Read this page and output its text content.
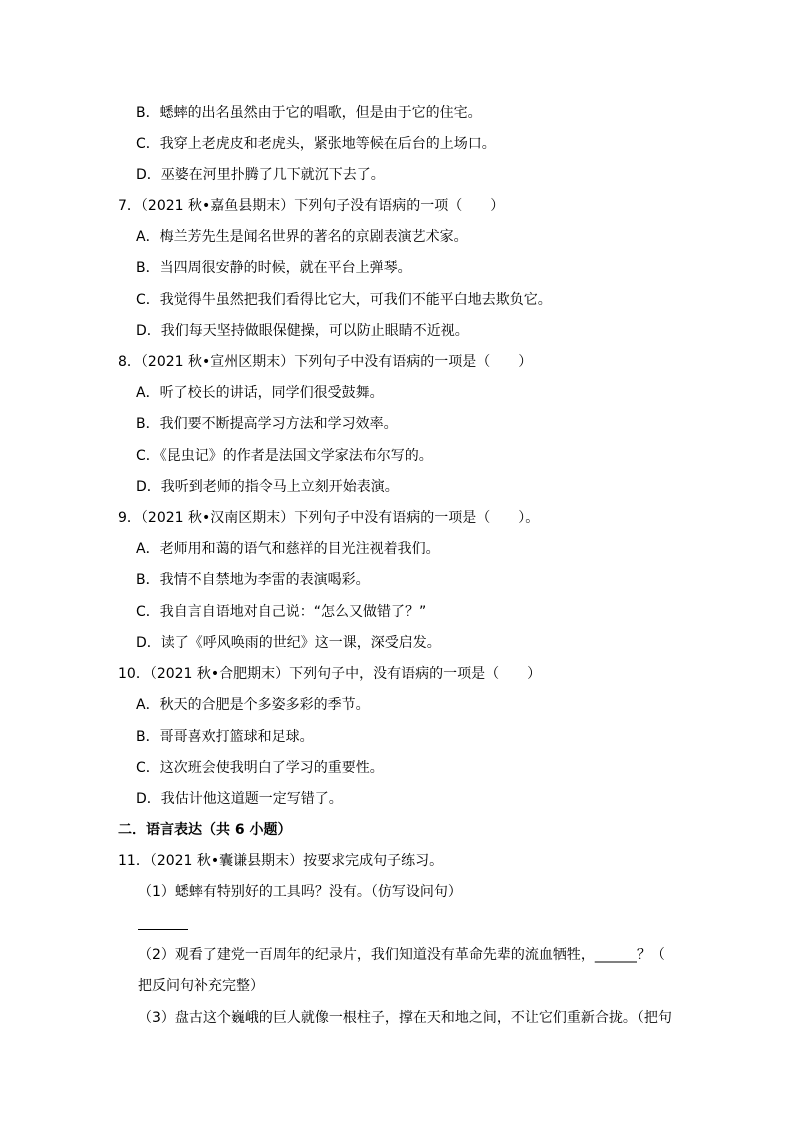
B．蟋蟀的出名虽然由于它的唱歌，但是由于它的住宅。
C．我穿上老虎皮和老虎头，紧张地等候在后台的上场口。
D．巫婆在河里扑腾了几下就沉下去了。
7．（2021 秋•嘉鱼县期末）下列句子没有语病的一项（　　）
A．梅兰芳先生是闻名世界的著名的京剧表演艺术家。
B．当四周很安静的时候，就在平台上弹琴。
C．我觉得牛虽然把我们看得比它大，可我们不能平白地去欺负它。
D．我们每天坚持做眼保健操，可以防止眼睛不近视。
8．（2021 秋•宣州区期末）下列句子中没有语病的一项是（　　）
A．听了校长的讲话，同学们很受鼓舞。
B．我们要不断提高学习方法和学习效率。
C．《昆虫记》的作者是法国文学家法布尔写的。
D．我听到老师的指令马上立刻开始表演。
9．（2021 秋•汉南区期末）下列句子中没有语病的一项是（　　）。
A．老师用和蔼的语气和慈祥的目光注视着我们。
B．我情不自禁地为李雷的表演喝彩。
C．我自言自语地对自己说：“怎么又做错了？”
D．读了《呼风唤雨的世纪》这一课，深受启发。
10．（2021 秋•合肥期末）下列句子中，没有语病的一项是（　　）
A．秋天的合肥是个多姿多彩的季节。
B．哥哥喜欢打篮球和足球。
C．这次班会使我明白了学习的重要性。
D．我估计他这道题一定写错了。
二．语言表达（共 6 小题）
11．（2021 秋•囊谦县期末）按要求完成句子练习。
（1）蟋蟀有特别好的工具吗？没有。（仿写设问句）
（2）观看了建党一百周年的纪录片，我们知道没有革命先辈的流血牺牲，______？（
把反问句补充完整）
（3）盘古这个巍峨的巨人就像一根柱子，撑在天和地之间，不让它们重新合拢。（把句
